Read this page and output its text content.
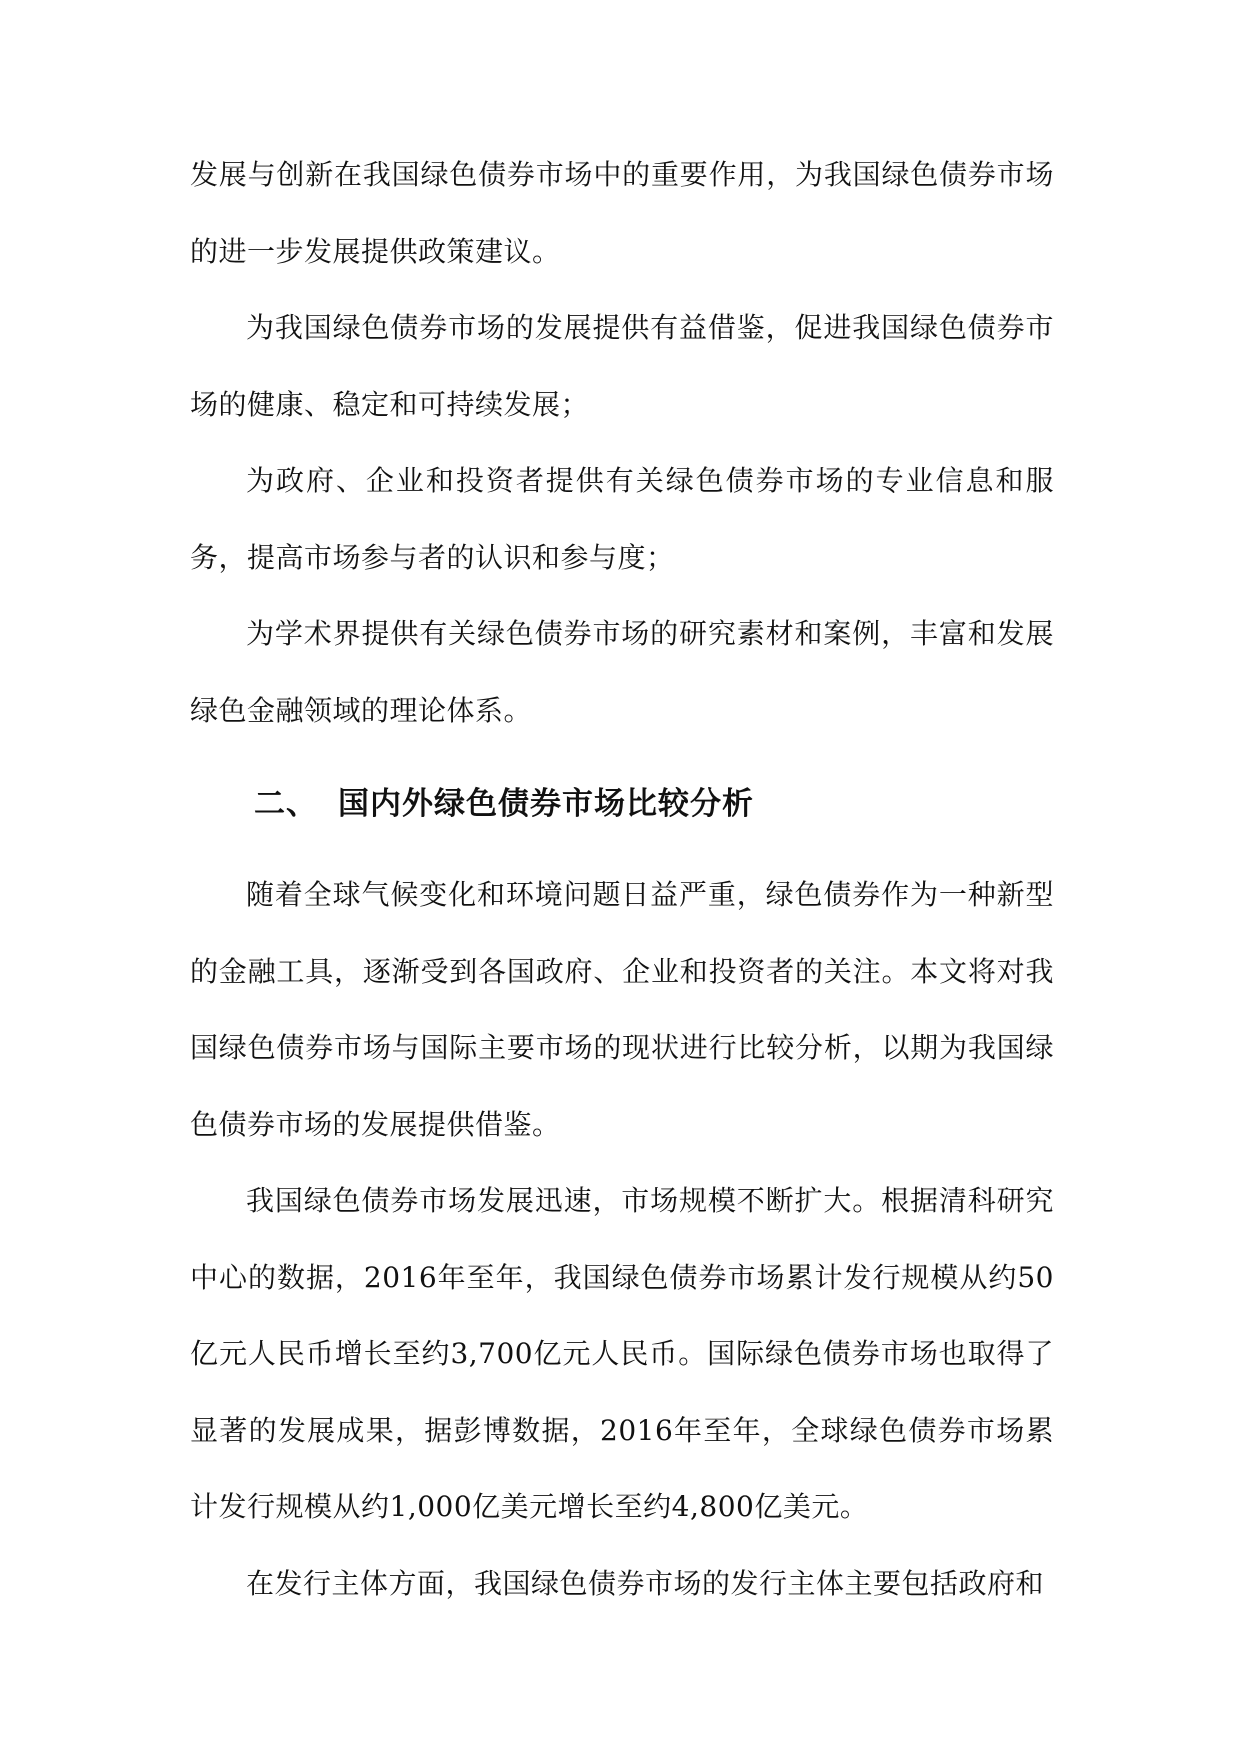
发展与创新在我国绿色债券市场中的重要作用，为我国绿色债券市场的进一步发展提供政策建议。

为我国绿色债券市场的发展提供有益借鉴，促进我国绿色债券市场的健康、稳定和可持续发展；

为政府、企业和投资者提供有关绿色债券市场的专业信息和服务，提高市场参与者的认识和参与度；

为学术界提供有关绿色债券市场的研究素材和案例，丰富和发展绿色金融领域的理论体系。

二、 国内外绿色债券市场比较分析

随着全球气候变化和环境问题日益严重，绿色债券作为一种新型的金融工具，逐渐受到各国政府、企业和投资者的关注。本文将对我国绿色债券市场与国际主要市场的现状进行比较分析，以期为我国绿色债券市场的发展提供借鉴。

我国绿色债券市场发展迅速，市场规模不断扩大。根据清科研究中心的数据，2016年至年，我国绿色债券市场累计发行规模从约50亿元人民币增长至约3,700亿元人民币。国际绿色债券市场也取得了显著的发展成果，据彭博数据，2016年至年，全球绿色债券市场累计发行规模从约1,000亿美元增长至约4,800亿美元。

在发行主体方面，我国绿色债券市场的发行主体主要包括政府和
